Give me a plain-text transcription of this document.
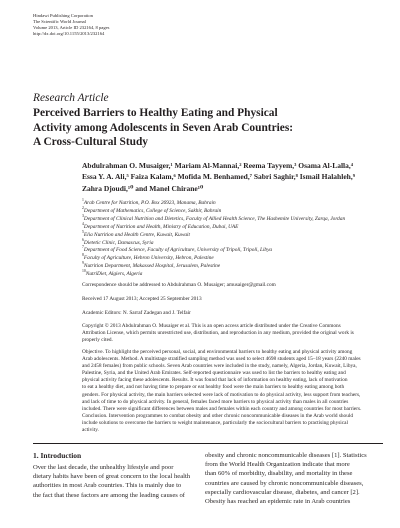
Hindawi Publishing Corporation
The Scientific World Journal
Volume 2013, Article ID 232164, 8 pages
http://dx.doi.org/10.1155/2013/232164
Research Article
Perceived Barriers to Healthy Eating and Physical
Activity among Adolescents in Seven Arab Countries:
A Cross-Cultural Study
Abdulrahman O. Musaiger,¹ Mariam Al-Mannai,² Reema Tayyem,³ Osama Al-Lalla,⁴
Essa Y. A. Ali,⁵ Faiza Kalam,⁶ Mofida M. Benhamed,⁷ Sabri Saghir,⁸ Ismail Halahleh,⁹
Zahra Djoudi,¹⁰ and Manel Chirane¹⁰
$^1$Arab Centre for Nutrition, P.O. Box 26923, Manama, Bahrain
$^2$Department of Mathematics, College of Science, Sakhir, Bahrain
$^3$Department of Clinical Nutrition and Dietetics, Faculty of Allied Health Science, The Hashemite University, Zarqa, Jordan
$^4$Department of Nutrition and Health, Ministry of Education, Dubai, UAE
$^5$Elia Nutrition and Health Centre, Kuwait, Kuwait
$^6$Dietetic Clinic, Damascus, Syria
$^7$Department of Food Science, Faculty of Agriculture, University of Tripoli, Tripoli, Libya
$^8$Faculty of Agriculture, Hebron University, Hebron, Palestine
$^9$Nutrition Department, Makassed Hospital, Jerusalem, Palestine
$^{10}$NutriDiet, Algiers, Algeria
Correspondence should be addressed to Abdulrahman O. Musaiger; amusaiger@gmail.com
Received 17 August 2013; Accepted 25 September 2013
Academic Editors: N. Sarraf Zadegan and J. Telfair
Copyright © 2013 Abdulrahman O. Musaiger et al. This is an open access article distributed under the Creative Commons
Attribution License, which permits unrestricted use, distribution, and reproduction in any medium, provided the original work is
properly cited.
Objective. To highlight the perceived personal, social, and environmental barriers to healthy eating and physical activity among
Arab adolescents. Method. A multistage stratified sampling method was used to select 4698 students aged 15–18 years (2240 males
and 2458 females) from public schools. Seven Arab countries were included in the study, namely, Algeria, Jordan, Kuwait, Libya,
Palestine, Syria, and the United Arab Emirates. Self-reported questionnaire was used to list the barriers to healthy eating and
physical activity facing these adolescents. Results. It was found that lack of information on healthy eating, lack of motivation
to eat a healthy diet, and not having time to prepare or eat healthy food were the main barriers to healthy eating among both
genders. For physical activity, the main barriers selected were lack of motivation to do physical activity, less support from teachers,
and lack of time to do physical activity. In general, females faced more barriers to physical activity than males in all countries
included. There were significant differences between males and females within each country and among countries for most barriers.
Conclusion. Intervention programmes to combat obesity and other chronic noncommunicable diseases in the Arab world should
include solutions to overcome the barriers to weight maintenance, particularly the sociocultural barriers to practising physical
activity.
1. Introduction
Over the last decade, the unhealthy lifestyle and poor
dietary habits have been of great concern to the local health
authorities in most Arab countries. This is mainly due to
the fact that these factors are among the leading causes of
obesity and chronic noncommunicable diseases [1]. Statistics
from the World Health Organization indicate that more
than 60% of morbidity, disability, and mortality in these
countries are caused by chronic noncommunicable diseases,
especially cardiovascular disease, diabetes, and cancer [2].
Obesity has reached an epidemic rate in Arab countries
